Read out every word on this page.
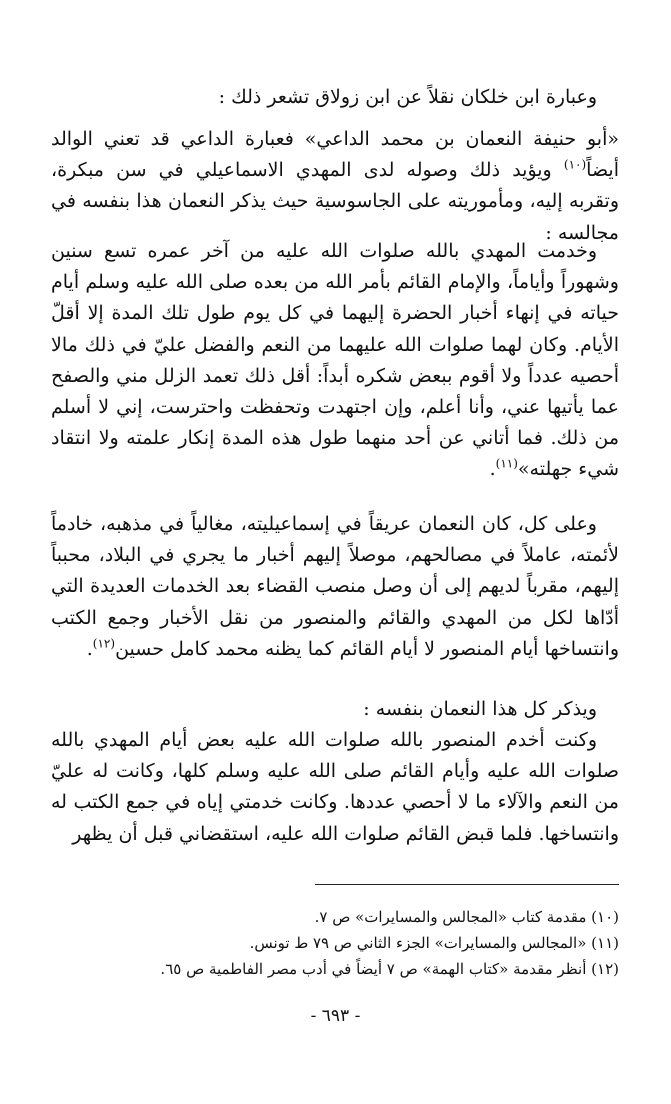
وعبارة ابن خلكان نقلاً عن ابن زولاق تشعر ذلك :

«أبو حنيفة النعمان بن محمد الداعي» فعبارة الداعي قد تعني الوالد أيضاً$^{(١٠)}$ ويؤيد ذلك وصوله لدى المهدي الاسماعيلي في سن مبكرة، وتقربه إليه، ومأموريته على الجاسوسية حيث يذكر النعمان هذا بنفسه في مجالسه :

وخدمت المهدي بالله صلوات الله عليه من آخر عمره تسع سنين وشهوراً وأياماً، والإمام القائم بأمر الله من بعده صلى الله عليه وسلم أيام حياته في إنهاء أخبار الحضرة إليهما في كل يوم طول تلك المدة إلا أقلّ الأيام. وكان لهما صلوات الله عليهما من النعم والفضل عليّ في ذلك مالا أحصيه عدداً ولا أقوم ببعض شكره أبداً: أقل ذلك تعمد الزلل مني والصفح عما يأتيها عني، وأنا أعلم، وإن اجتهدت وتحفظت واحترست، إني لا أسلم من ذلك. فما أتاني عن أحد منهما طول هذه المدة إنكار علمته ولا انتقاد شيء جهلته»$^{(١١)}$.

وعلى كل، كان النعمان عريقاً في إسماعيليته، مغالياً في مذهبه، خادماً لأئمته، عاملاً في مصالحهم، موصلاً إليهم أخبار ما يجري في البلاد، محبباً إليهم، مقرباً لديهم إلى أن وصل منصب القضاء بعد الخدمات العديدة التي أدّاها لكل من المهدي والقائم والمنصور من نقل الأخبار وجمع الكتب وانتساخها أيام المنصور لا أيام القائم كما يظنه محمد كامل حسين$^{(١٢)}$.

ويذكر كل هذا النعمان بنفسه :

وكنت أخدم المنصور بالله صلوات الله عليه بعض أيام المهدي بالله صلوات الله عليه وأيام القائم صلى الله عليه وسلم كلها، وكانت له عليّ من النعم والآلاء ما لا أحصي عددها. وكانت خدمتي إياه في جمع الكتب له وانتساخها. فلما قبض القائم صلوات الله عليه، استقضاني قبل أن يظهر

(١٠) مقدمة كتاب «المجالس والمسايرات» ص ٧.
(١١) «المجالس والمسايرات» الجزء الثاني ص ٧٩ ط تونس.
(١٢) أنظر مقدمة «كتاب الهمة» ص ٧ أيضاً في أدب مصر الفاطمية ص ٦٥.
- ٦٩٣ -
